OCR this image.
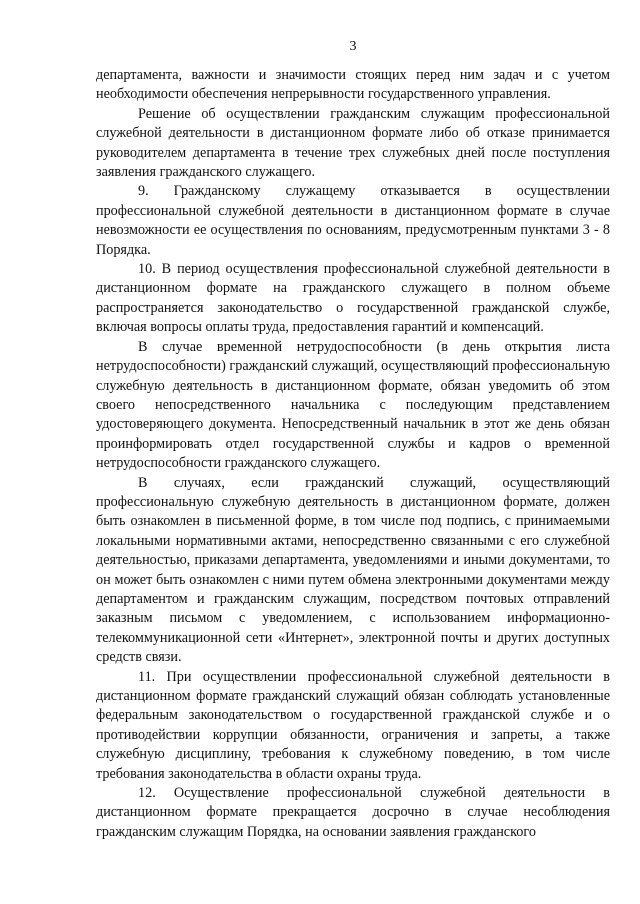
3

департамента, важности и значимости стоящих перед ним задач и с учетом необходимости обеспечения непрерывности государственного управления.

Решение об осуществлении гражданским служащим профессиональной служебной деятельности в дистанционном формате либо об отказе принимается руководителем департамента в течение трех служебных дней после поступления заявления гражданского служащего.

9. Гражданскому служащему отказывается в осуществлении профессиональной служебной деятельности в дистанционном формате в случае невозможности ее осуществления по основаниям, предусмотренным пунктами 3 - 8 Порядка.

10. В период осуществления профессиональной служебной деятельности в дистанционном формате на гражданского служащего в полном объеме распространяется законодательство о государственной гражданской службе, включая вопросы оплаты труда, предоставления гарантий и компенсаций.

В случае временной нетрудоспособности (в день открытия листа нетрудоспособности) гражданский служащий, осуществляющий профессиональную служебную деятельность в дистанционном формате, обязан уведомить об этом своего непосредственного начальника с последующим представлением удостоверяющего документа. Непосредственный начальник в этот же день обязан проинформировать отдел государственной службы и кадров о временной нетрудоспособности гражданского служащего.

В случаях, если гражданский служащий, осуществляющий профессиональную служебную деятельность в дистанционном формате, должен быть ознакомлен в письменной форме, в том числе под подпись, с принимаемыми локальными нормативными актами, непосредственно связанными с его служебной деятельностью, приказами департамента, уведомлениями и иными документами, то он может быть ознакомлен с ними путем обмена электронными документами между департаментом и гражданским служащим, посредством почтовых отправлений заказным письмом с уведомлением, с использованием информационно-телекоммуникационной сети «Интернет», электронной почты и других доступных средств связи.

11. При осуществлении профессиональной служебной деятельности в дистанционном формате гражданский служащий обязан соблюдать установленные федеральным законодательством о государственной гражданской службе и о противодействии коррупции обязанности, ограничения и запреты, а также служебную дисциплину, требования к служебному поведению, в том числе требования законодательства в области охраны труда.

12. Осуществление профессиональной служебной деятельности в дистанционном формате прекращается досрочно в случае несоблюдения гражданским служащим Порядка, на основании заявления гражданского
